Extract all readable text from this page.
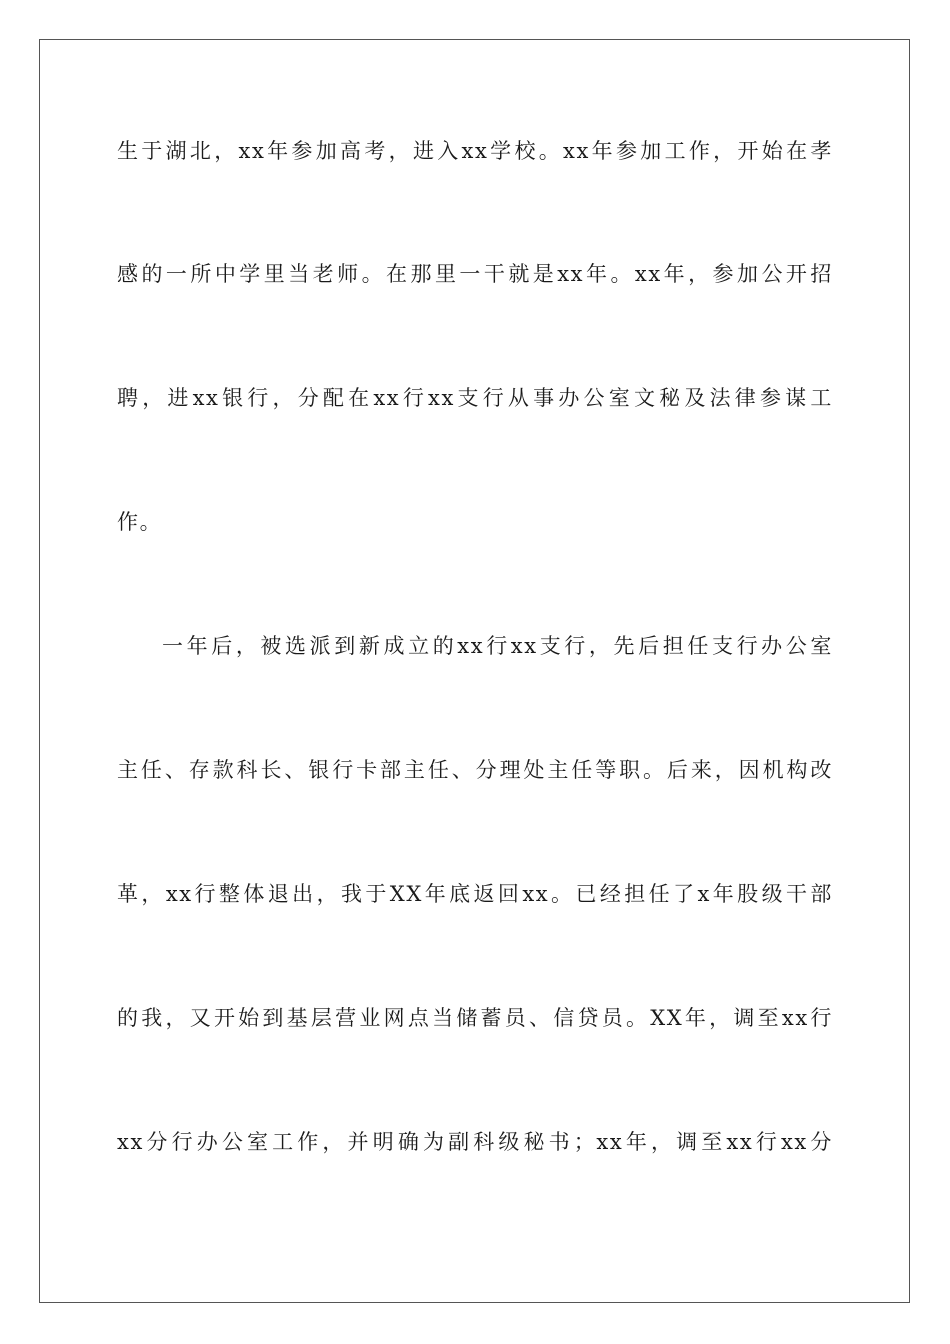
生于湖北，xx年参加高考，进入xx学校。xx年参加工作，开始在孝
感的一所中学里当老师。在那里一干就是xx年。xx年，参加公开招
聘，进xx银行，分配在xx行xx支行从事办公室文秘及法律参谋工
作。
一年后，被选派到新成立的xx行xx支行，先后担任支行办公室
主任、存款科长、银行卡部主任、分理处主任等职。后来，因机构改
革，xx行整体退出，我于XX年底返回xx。已经担任了x年股级干部
的我，又开始到基层营业网点当储蓄员、信贷员。XX年，调至xx行
xx分行办公室工作，并明确为副科级秘书；xx年，调至xx行xx分
